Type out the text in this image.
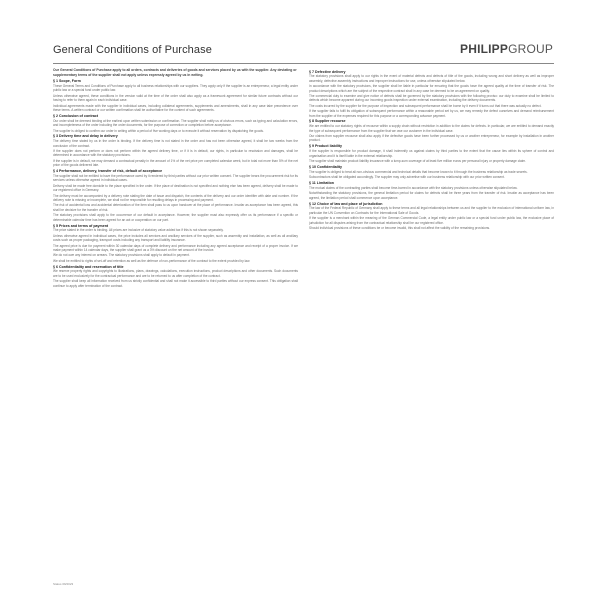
General Conditions of Purchase	PHILIPPGROUP
Our General Conditions of Purchase apply to all orders, contracts and deliveries of goods and services placed by us with the supplier. Any deviating or supplementary terms of the supplier shall not apply unless expressly agreed by us in writing.
§ 1 Scope, Form
These General Terms and Conditions of Purchase apply to all business relationships with our suppliers. They apply only if the supplier is an entrepreneur, a legal entity under public law or a special fund under public law.
Unless otherwise agreed, these conditions in the version valid at the time of the order shall also apply as a framework agreement for similar future contracts without our having to refer to them again in each individual case.
Individual agreements made with the supplier in individual cases, including collateral agreements, supplements and amendments, shall in any case take precedence over these terms. A written contract or our written confirmation shall be authoritative for the content of such agreements.
§ 2 Conclusion of contract
Our order shall be deemed binding at the earliest upon written submission or confirmation. The supplier shall notify us of obvious errors, such as typing and calculation errors, and incompleteness of the order including the order documents, for the purpose of correction or completion before acceptance.
The supplier is obliged to confirm our order in writing within a period of five working days or to execute it without reservation by dispatching the goods.
§ 3 Delivery time and delay in delivery
The delivery time stated by us in the order is binding. If the delivery time is not stated in the order and has not been otherwise agreed, it shall be two weeks from the conclusion of the contract.
If the supplier does not perform or does not perform within the agreed delivery time, or if it is in default, our rights, in particular to rescission and damages, shall be determined in accordance with the statutory provisions.
If the supplier is in default, we may demand a contractual penalty in the amount of 1% of the net price per completed calendar week, but in total not more than 5% of the net price of the goods delivered late.
§ 4 Performance, delivery, transfer of risk, default of acceptance
The supplier shall not be entitled to have the performance owed by it rendered by third parties without our prior written consent. The supplier bears the procurement risk for its services unless otherwise agreed in individual cases.
Delivery shall be made free domicile to the place specified in the order. If the place of destination is not specified and nothing else has been agreed, delivery shall be made to our registered office in Germany.
The delivery must be accompanied by a delivery note stating the date of issue and dispatch, the contents of the delivery and our order identifier with date and number. If the delivery note is missing or incomplete, we shall not be responsible for resulting delays in processing and payment.
The risk of accidental loss and accidental deterioration of the item shall pass to us upon handover at the place of performance. Insofar as acceptance has been agreed, this shall be decisive for the transfer of risk.
The statutory provisions shall apply to the occurrence of our default in acceptance. However, the supplier must also expressly offer us its performance if a specific or determinable calendar time has been agreed for an act or cooperation on our part.
§ 5 Prices and terms of payment
The price stated in the order is binding. All prices are inclusive of statutory value added tax if this is not shown separately.
Unless otherwise agreed in individual cases, the price includes all services and ancillary services of the supplier, such as assembly and installation, as well as all ancillary costs such as proper packaging, transport costs including any transport and liability insurance.
The agreed price is due for payment within 30 calendar days of complete delivery and performance including any agreed acceptance and receipt of a proper invoice. If we make payment within 14 calendar days, the supplier shall grant us a 3% discount on the net amount of the invoice.
We do not owe any interest on arrears. The statutory provisions shall apply to default in payment.
We shall be entitled to rights of set-off and retention as well as the defence of non-performance of the contract to the extent provided by law.
§ 6 Confidentiality and reservation of title
We reserve property rights and copyrights to illustrations, plans, drawings, calculations, execution instructions, product descriptions and other documents. Such documents are to be used exclusively for the contractual performance and are to be returned to us after completion of the contract.
The supplier shall keep all information received from us strictly confidential and shall not make it accessible to third parties without our express consent. This obligation shall continue to apply after termination of the contract.
§ 7 Defective delivery
The statutory provisions shall apply to our rights in the event of material defects and defects of title of the goods, including wrong and short delivery as well as improper assembly, defective assembly instructions and improper instructions for use, unless otherwise stipulated below.
In accordance with the statutory provisions, the supplier shall be liable in particular for ensuring that the goods have the agreed quality at the time of transfer of risk. The product descriptions which are the subject of the respective contract shall in any case be deemed to be an agreement on quality.
The commercial duty to examine and give notice of defects shall be governed by the statutory provisions with the following proviso: our duty to examine shall be limited to defects which become apparent during our incoming goods inspection under external examination, including the delivery documents.
The costs incurred by the supplier for the purpose of inspection and subsequent performance shall be borne by it even if it turns out that there was actually no defect.
If the supplier fails to fulfil its obligation of subsequent performance within a reasonable period set by us, we may remedy the defect ourselves and demand reimbursement from the supplier of the expenses required for this purpose or a corresponding advance payment.
§ 8 Supplier recourse
We are entitled to our statutory rights of recourse within a supply chain without restriction in addition to the claims for defects. In particular, we are entitled to demand exactly the type of subsequent performance from the supplier that we owe our customer in the individual case.
Our claims from supplier recourse shall also apply if the defective goods have been further processed by us or another entrepreneur, for example by installation in another product.
§ 9 Product liability
If the supplier is responsible for product damage, it shall indemnify us against claims by third parties to the extent that the cause lies within its sphere of control and organisation and it is itself liable in the external relationship.
The supplier shall maintain product liability insurance with a lump-sum coverage of at least five million euros per personal injury or property damage claim.
§ 10 Confidentiality
The supplier is obliged to treat all non-obvious commercial and technical details that become known to it through the business relationship as trade secrets.
Subcontractors shall be obligated accordingly. The supplier may only advertise with our business relationship with our prior written consent.
§ 11 Limitation
The mutual claims of the contracting parties shall become time-barred in accordance with the statutory provisions unless otherwise stipulated below.
Notwithstanding the statutory provisions, the general limitation period for claims for defects shall be three years from the transfer of risk. Insofar as acceptance has been agreed, the limitation period shall commence upon acceptance.
§ 12 Choice of law and place of jurisdiction
The law of the Federal Republic of Germany shall apply to these terms and all legal relationships between us and the supplier to the exclusion of international uniform law, in particular the UN Convention on Contracts for the International Sale of Goods.
If the supplier is a merchant within the meaning of the German Commercial Code, a legal entity under public law or a special fund under public law, the exclusive place of jurisdiction for all disputes arising from the contractual relationship shall be our registered office.
Should individual provisions of these conditions be or become invalid, this shall not affect the validity of the remaining provisions.
Status 09/2023
